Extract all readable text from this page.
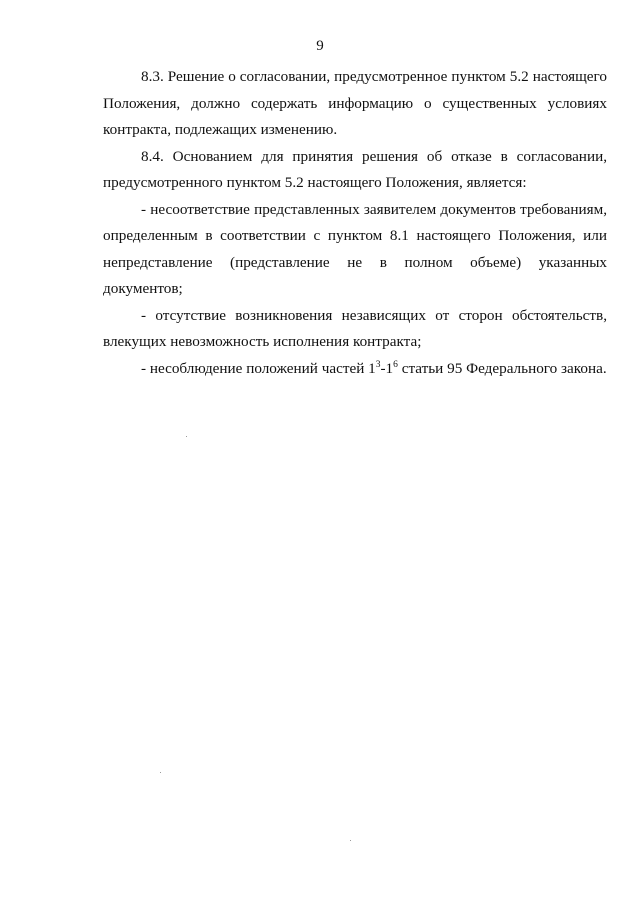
9

8.3. Решение о согласовании, предусмотренное пунктом 5.2 настоящего Положения, должно содержать информацию о существенных условиях контракта, подлежащих изменению.

8.4. Основанием для принятия решения об отказе в согласовании, предусмотренного пунктом 5.2 настоящего Положения, является:

- несоответствие представленных заявителем документов требованиям, определенным в соответствии с пунктом 8.1 настоящего Положения, или непредставление (представление не в полном объеме) указанных документов;

- отсутствие возникновения независящих от сторон обстоятельств, влекущих невозможность исполнения контракта;

- несоблюдение положений частей $1^3-1^6$ статьи 95 Федерального закона.
